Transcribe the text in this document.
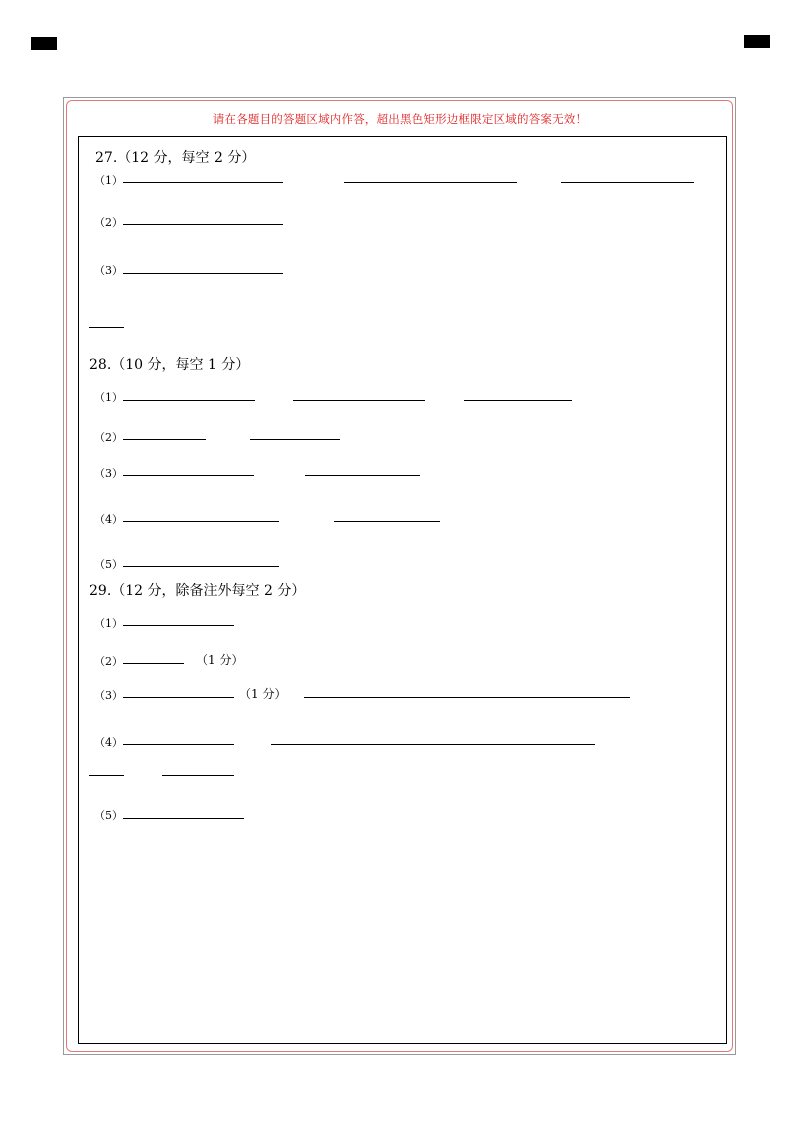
请在各题目的答题区域内作答，超出黑色矩形边框限定区域的答案无效！
27.（12 分，每空 2 分）
（1）
（2）
（3）
28.（10 分，每空 1 分）
（1）
（2）
（3）
（4）
（5）
29.（12 分，除备注外每空 2 分）
（1）
（2）	（1 分）
（3）	（1 分）
（4）
（5）
